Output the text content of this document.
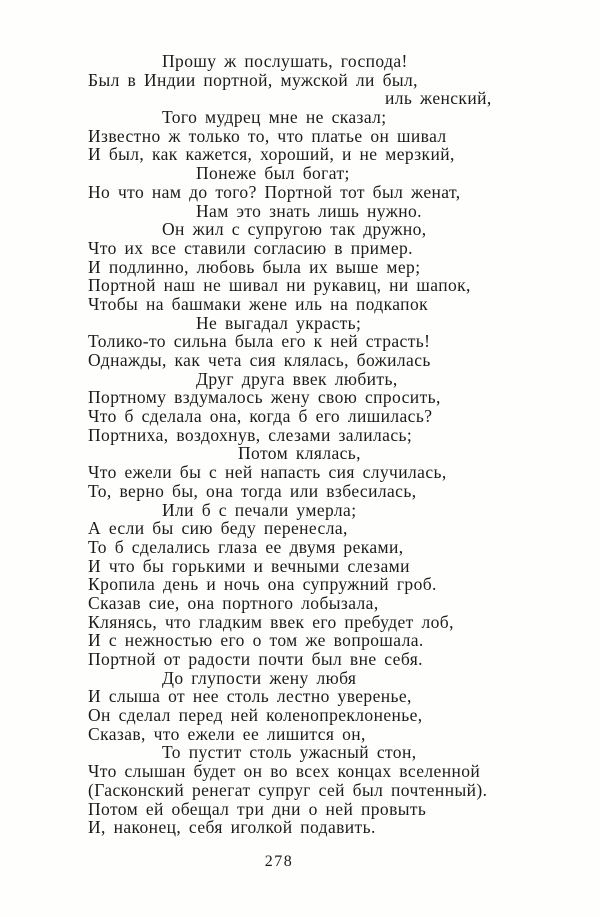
Прошу ж послушать, господа!
Был в Индии портной, мужской ли был,
иль женский,
Того мудрец мне не сказал;
Известно ж только то, что платье он шивал
И был, как кажется, хороший, и не мерзкий,
Понеже был богат;
Но что нам до того? Портной тот был женат,
Нам это знать лишь нужно.
Он жил с супругою так дружно,
Что их все ставили согласию в пример.
И подлинно, любовь была их выше мер;
Портной наш не шивал ни рукавиц, ни шапок,
Чтобы на башмаки жене иль на подкапок
Не выгадал украсть;
Толико-то сильна была его к ней страсть!
Однажды, как чета сия клялась, божилась
Друг друга ввек любить,
Портному вздумалось жену свою спросить,
Что б сделала она, когда б его лишилась?
Портниха, воздохнув, слезами залилась;
Потом клялась,
Что ежели бы с ней напасть сия случилась,
То, верно бы, она тогда или взбесилась,
Или б с печали умерла;
А если бы сию беду перенесла,
То б сделались глаза ее двумя реками,
И что бы горькими и вечными слезами
Кропила день и ночь она супружний гроб.
Сказав сие, она портного лобызала,
Клянясь, что гладким ввек его пребудет лоб,
И с нежностью его о том же вопрошала.
Портной от радости почти был вне себя.
До глупости жену любя
И слыша от нее столь лестно уверенье,
Он сделал перед ней коленопреклоненье,
Сказав, что ежели ее лишится он,
То пустит столь ужасный стон,
Что слышан будет он во всех концах вселенной
(Гасконский ренегат супруг сей был почтенный).
Потом ей обещал три дни о ней провыть
И, наконец, себя иголкой подавить.
278
